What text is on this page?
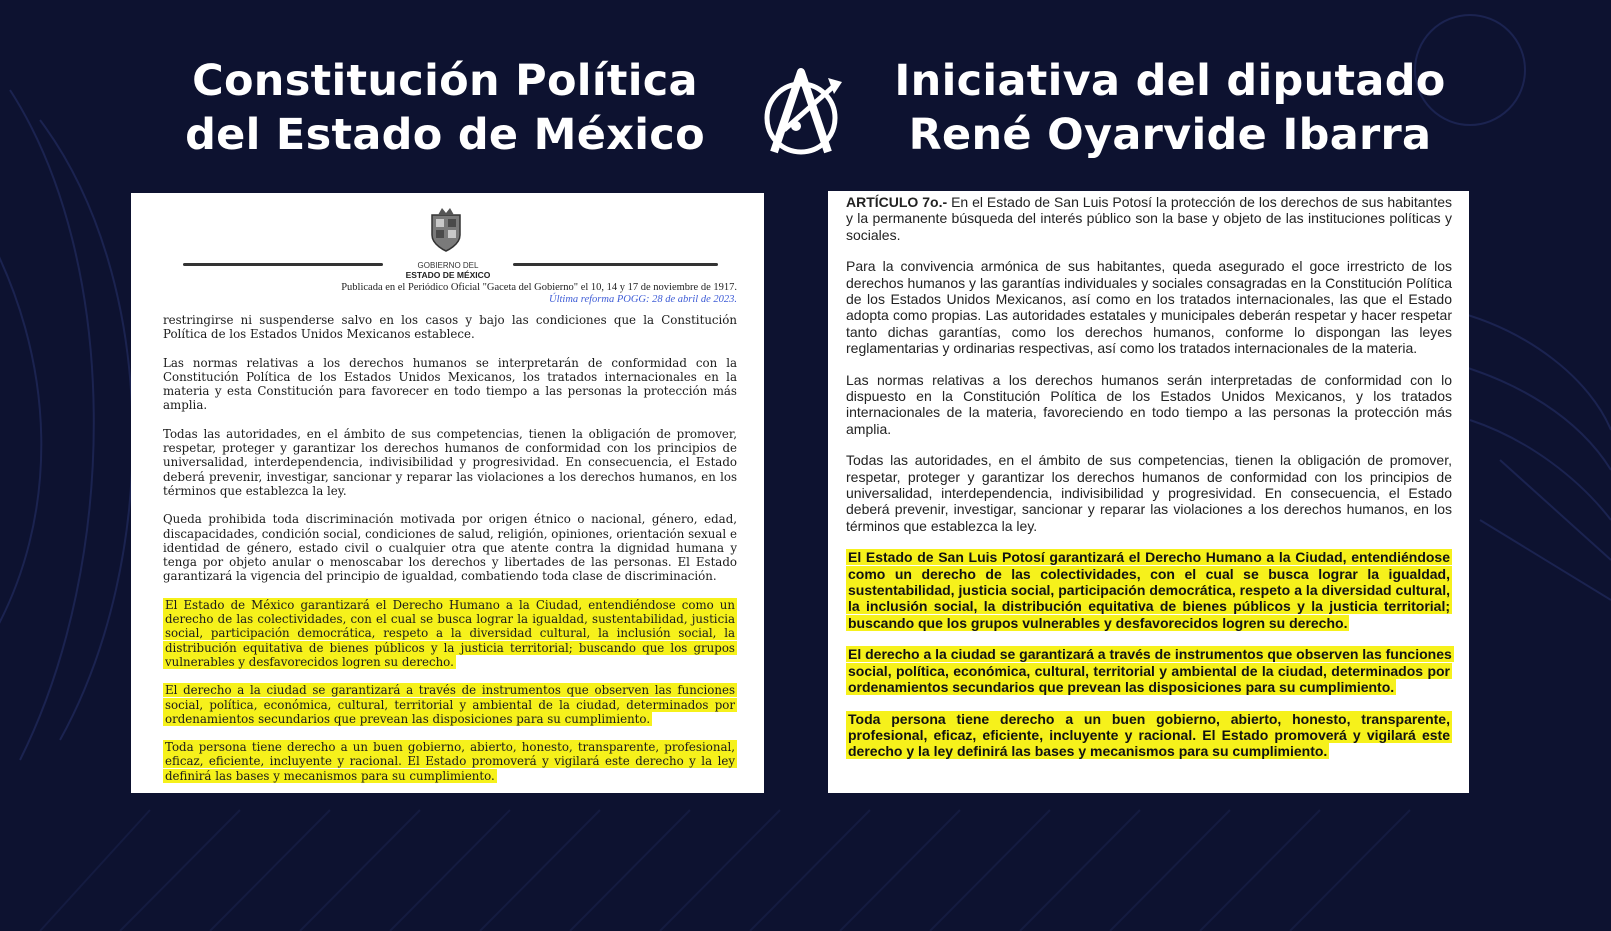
Constitución Política
del Estado de México
Iniciativa del diputado
René Oyarvide Ibarra
GOBIERNO DEL
ESTADO DE MÉXICO
Publicada en el Periódico Oficial "Gaceta del Gobierno" el 10, 14 y 17 de noviembre de 1917.
Última reforma POGG: 28 de abril de 2023.

restringirse ni suspenderse salvo en los casos y bajo las condiciones que la Constitución Política de los Estados Unidos Mexicanos establece.

Las normas relativas a los derechos humanos se interpretarán de conformidad con la Constitución Política de los Estados Unidos Mexicanos, los tratados internacionales en la materia y esta Constitución para favorecer en todo tiempo a las personas la protección más amplia.

Todas las autoridades, en el ámbito de sus competencias, tienen la obligación de promover, respetar, proteger y garantizar los derechos humanos de conformidad con los principios de universalidad, interdependencia, indivisibilidad y progresividad. En consecuencia, el Estado deberá prevenir, investigar, sancionar y reparar las violaciones a los derechos humanos, en los términos que establezca la ley.

Queda prohibida toda discriminación motivada por origen étnico o nacional, género, edad, discapacidades, condición social, condiciones de salud, religión, opiniones, orientación sexual e identidad de género, estado civil o cualquier otra que atente contra la dignidad humana y tenga por objeto anular o menoscabar los derechos y libertades de las personas. El Estado garantizará la vigencia del principio de igualdad, combatiendo toda clase de discriminación.

El Estado de México garantizará el Derecho Humano a la Ciudad, entendiéndose como un derecho de las colectividades, con el cual se busca lograr la igualdad, sustentabilidad, justicia social, participación democrática, respeto a la diversidad cultural, la inclusión social, la distribución equitativa de bienes públicos y la justicia territorial; buscando que los grupos vulnerables y desfavorecidos logren su derecho.

El derecho a la ciudad se garantizará a través de instrumentos que observen las funciones social, política, económica, cultural, territorial y ambiental de la ciudad, determinados por ordenamientos secundarios que prevean las disposiciones para su cumplimiento.

Toda persona tiene derecho a un buen gobierno, abierto, honesto, transparente, profesional, eficaz, eficiente, incluyente y racional. El Estado promoverá y vigilará este derecho y la ley definirá las bases y mecanismos para su cumplimiento.

ARTÍCULO 7o.- En el Estado de San Luis Potosí la protección de los derechos de sus habitantes y la permanente búsqueda del interés público son la base y objeto de las instituciones políticas y sociales.

Para la convivencia armónica de sus habitantes, queda asegurado el goce irrestricto de los derechos humanos y las garantías individuales y sociales consagradas en la Constitución Política de los Estados Unidos Mexicanos, así como en los tratados internacionales, las que el Estado adopta como propias. Las autoridades estatales y municipales deberán respetar y hacer respetar tanto dichas garantías, como los derechos humanos, conforme lo dispongan las leyes reglamentarias y ordinarias respectivas, así como los tratados internacionales de la materia.

Las normas relativas a los derechos humanos serán interpretadas de conformidad con lo dispuesto en la Constitución Política de los Estados Unidos Mexicanos, y los tratados internacionales de la materia, favoreciendo en todo tiempo a las personas la protección más amplia.

Todas las autoridades, en el ámbito de sus competencias, tienen la obligación de promover, respetar, proteger y garantizar los derechos humanos de conformidad con los principios de universalidad, interdependencia, indivisibilidad y progresividad. En consecuencia, el Estado deberá prevenir, investigar, sancionar y reparar las violaciones a los derechos humanos, en los términos que establezca la ley.

El Estado de San Luis Potosí garantizará el Derecho Humano a la Ciudad, entendiéndose como un derecho de las colectividades, con el cual se busca lograr la igualdad, sustentabilidad, justicia social, participación democrática, respeto a la diversidad cultural, la inclusión social, la distribución equitativa de bienes públicos y la justicia territorial; buscando que los grupos vulnerables y desfavorecidos logren su derecho.

El derecho a la ciudad se garantizará a través de instrumentos que observen las funciones social, política, económica, cultural, territorial y ambiental de la ciudad, determinados por ordenamientos secundarios que prevean las disposiciones para su cumplimiento.

Toda persona tiene derecho a un buen gobierno, abierto, honesto, transparente, profesional, eficaz, eficiente, incluyente y racional. El Estado promoverá y vigilará este derecho y la ley definirá las bases y mecanismos para su cumplimiento.
